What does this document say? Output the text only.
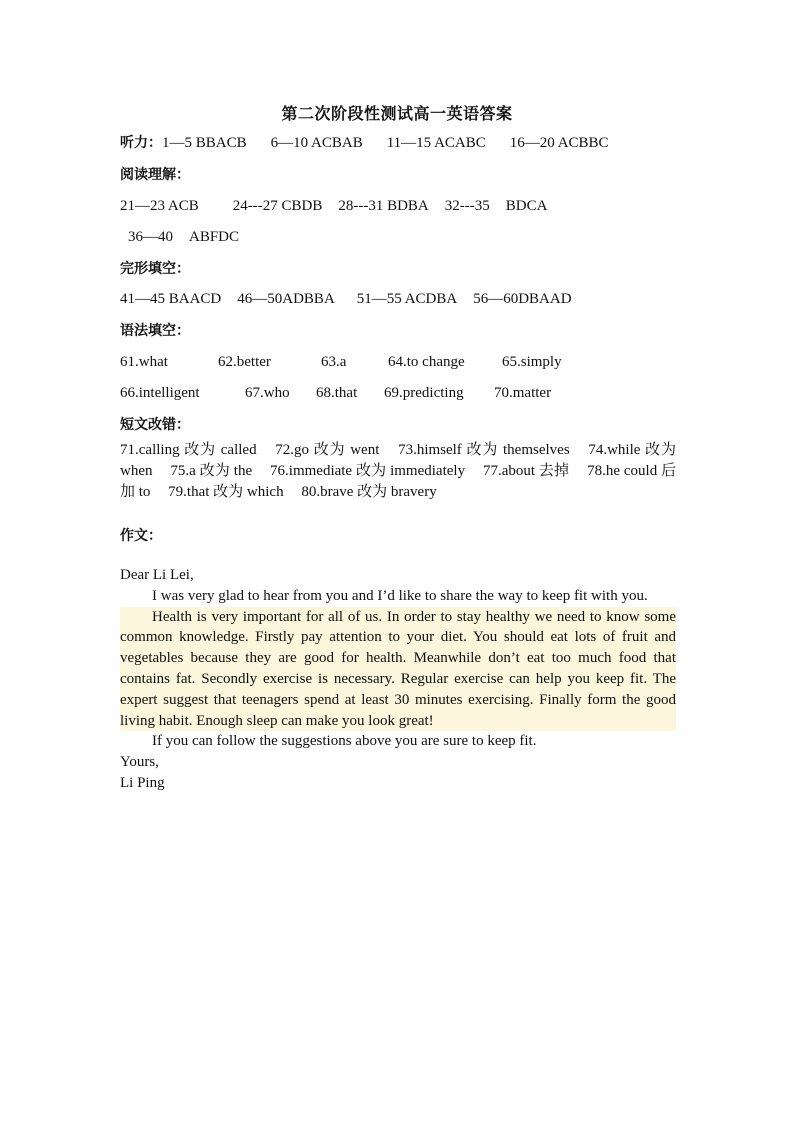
第二次阶段性测试高一英语答案
听力：1—5 BBACB 6—10 ACBAB 11—15 ACABC 16—20 ACBBC
阅读理解：
21—23 ACB 24---27 CBDB 28---31 BDBA 32---35 BDCA
36—40 ABFDC
完形填空：
41—45 BAACD 46—50ADBBA 51—55 ACDBA 56—60DBAAD
语法填空：
61.what	62.better	63.a	64.to change 65.simply
66.intelligent	67.who 68.that 69.predicting 70.matter
短文改错：
71.calling 改为 called 72.go 改为 went 73.himself 改为 themselves 74.while 改为 when 75.a 改为 the 76.immediate 改为 immediately 77.about 去掉 78.he could 后加 to 79.that 改为 which 80.brave 改为 bravery
作文：

Dear Li Lei,

I was very glad to hear from you and I’d like to share the way to keep fit with you.

Health is very important for all of us. In order to stay healthy we need to know some common knowledge. Firstly pay attention to your diet. You should eat lots of fruit and vegetables because they are good for health. Meanwhile don’t eat too much food that contains fat. Secondly exercise is necessary. Regular exercise can help you keep fit. The expert suggest that teenagers spend at least 30 minutes exercising. Finally form the good living habit. Enough sleep can make you look great!

If you can follow the suggestions above you are sure to keep fit.

Yours,

Li Ping
